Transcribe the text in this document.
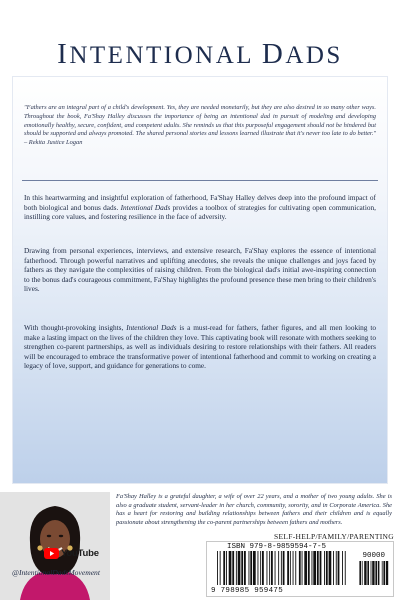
INTENTIONAL DADS
"Fathers are an integral part of a child's development. Yes, they are needed monetarily, but they are also desired in so many other ways. Throughout the book, Fa'Shay Halley discusses the importance of being an intentional dad in pursuit of modeling and developing emotionally healthy, secure, confident, and competent adults. She reminds us that this purposeful engagement should not be hindered but should be supported and always promoted. The shared personal stories and lessons learned illustrate that it's never too late to do better." – Rekita Justice Logan
In this heartwarming and insightful exploration of fatherhood, Fa'Shay Halley delves deep into the profound impact of both biological and bonus dads. Intentional Dads provides a toolbox of strategies for cultivating open communication, instilling core values, and fostering resilience in the face of adversity.
Drawing from personal experiences, interviews, and extensive research, Fa'Shay explores the essence of intentional fatherhood. Through powerful narratives and uplifting anecdotes, she reveals the unique challenges and joys faced by fathers as they navigate the complexities of raising children. From the biological dad's initial awe-inspiring connection to the bonus dad's courageous commitment, Fa'Shay highlights the profound presence these men bring to their children's lives.
With thought-provoking insights, Intentional Dads is a must-read for fathers, father figures, and all men looking to make a lasting impact on the lives of the children they love. This captivating book will resonate with mothers seeking to strengthen co-parent partnerships, as well as individuals desiring to restore relationships with their fathers. All readers will be encouraged to embrace the transformative power of intentional fatherhood and commit to working on creating a legacy of love, support, and guidance for generations to come.
Fa'Shay Halley is a grateful daughter, a wife of over 22 years, and a mother of two young adults. She is also a graduate student, servant-leader in her church, community, sorority, and in Corporate America. She has a heart for restoring and building relationships between fathers and their children and is equally passionate about strengthening the co-parent partnerships between fathers and mothers.
YouTube
@IntentionalDadsMovement
SELF-HELP/FAMILY/PARENTING
ISBN 979-8-9859594-7-5
90000
9 798985 959475
